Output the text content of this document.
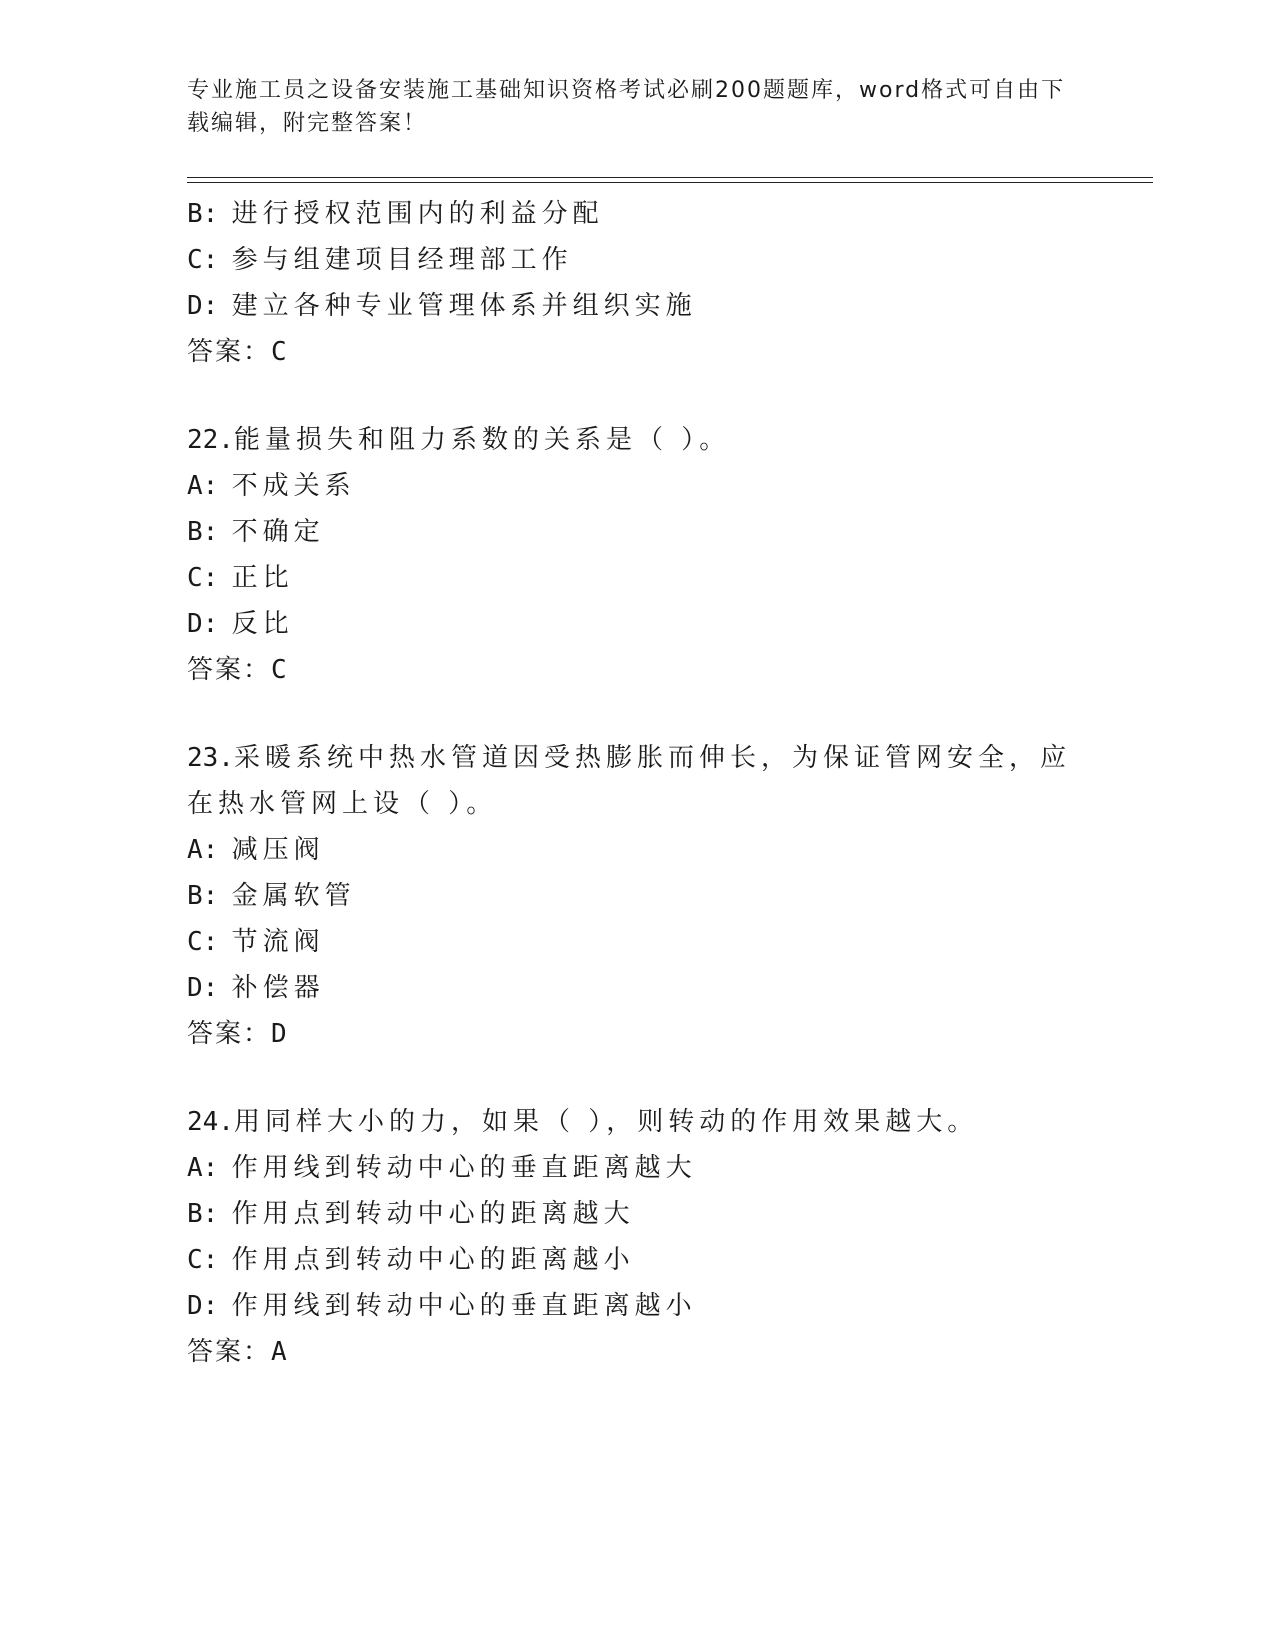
专业施工员之设备安装施工基础知识资格考试必刷200题题库，word格式可自由下载编辑，附完整答案！
B: 进行授权范围内的利益分配
C: 参与组建项目经理部工作
D: 建立各种专业管理体系并组织实施
答案：C
22.能量损失和阻力系数的关系是（ ）。
A: 不成关系
B: 不确定
C: 正比
D: 反比
答案：C
23.采暖系统中热水管道因受热膨胀而伸长，为保证管网安全，应在热水管网上设（ ）。
A: 减压阀
B: 金属软管
C: 节流阀
D: 补偿器
答案：D
24.用同样大小的力，如果（ ），则转动的作用效果越大。
A: 作用线到转动中心的垂直距离越大
B: 作用点到转动中心的距离越大
C: 作用点到转动中心的距离越小
D: 作用线到转动中心的垂直距离越小
答案：A
